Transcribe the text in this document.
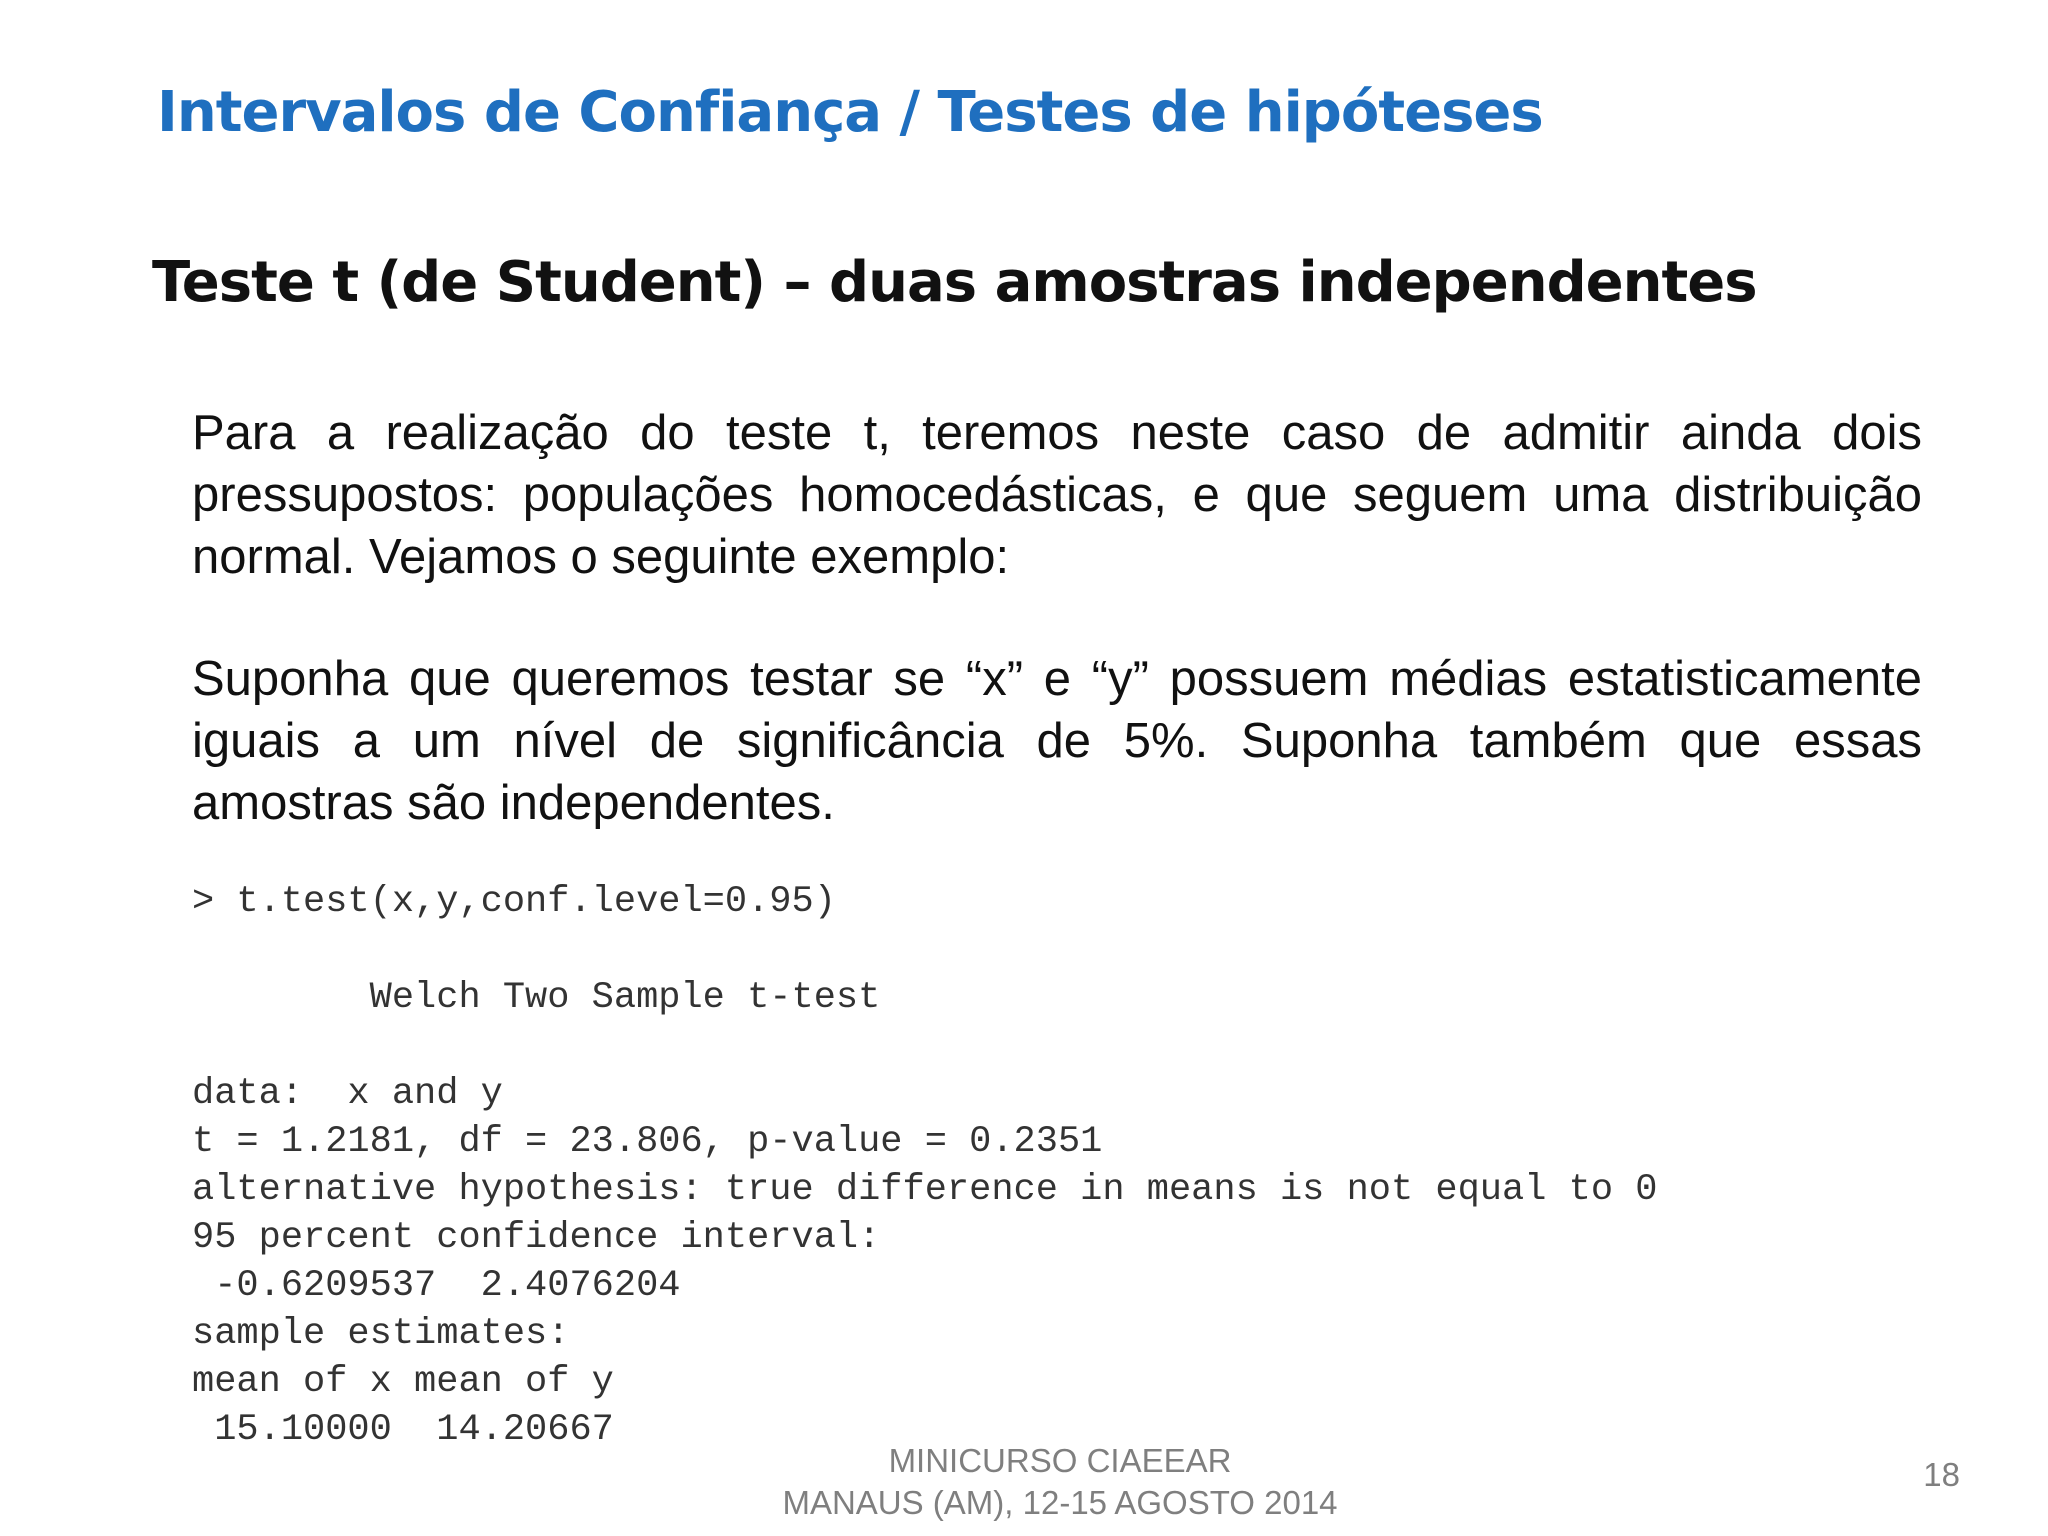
Intervalos de Confiança / Testes de hipóteses
Teste t (de Student) – duas amostras independentes

Para a realização do teste t, teremos neste caso de admitir ainda dois pressupostos: populações homocedásticas, e que seguem uma distribuição normal. Vejamos o seguinte exemplo:

Suponha que queremos testar se “x” e “y” possuem médias estatisticamente iguais a um nível de significância de 5%. Suponha também que essas amostras são independentes.

> t.test(x,y,conf.level=0.95)

Welch Two Sample t-test

data:  x and y
t = 1.2181, df = 23.806, p-value = 0.2351
alternative hypothesis: true difference in means is not equal to 0
95 percent confidence interval:
-0.6209537  2.4076204
sample estimates:
mean of x mean of y
15.10000  14.20667
MINICURSO CIAEEAR
MANAUS (AM), 12-15 AGOSTO 2014
18
